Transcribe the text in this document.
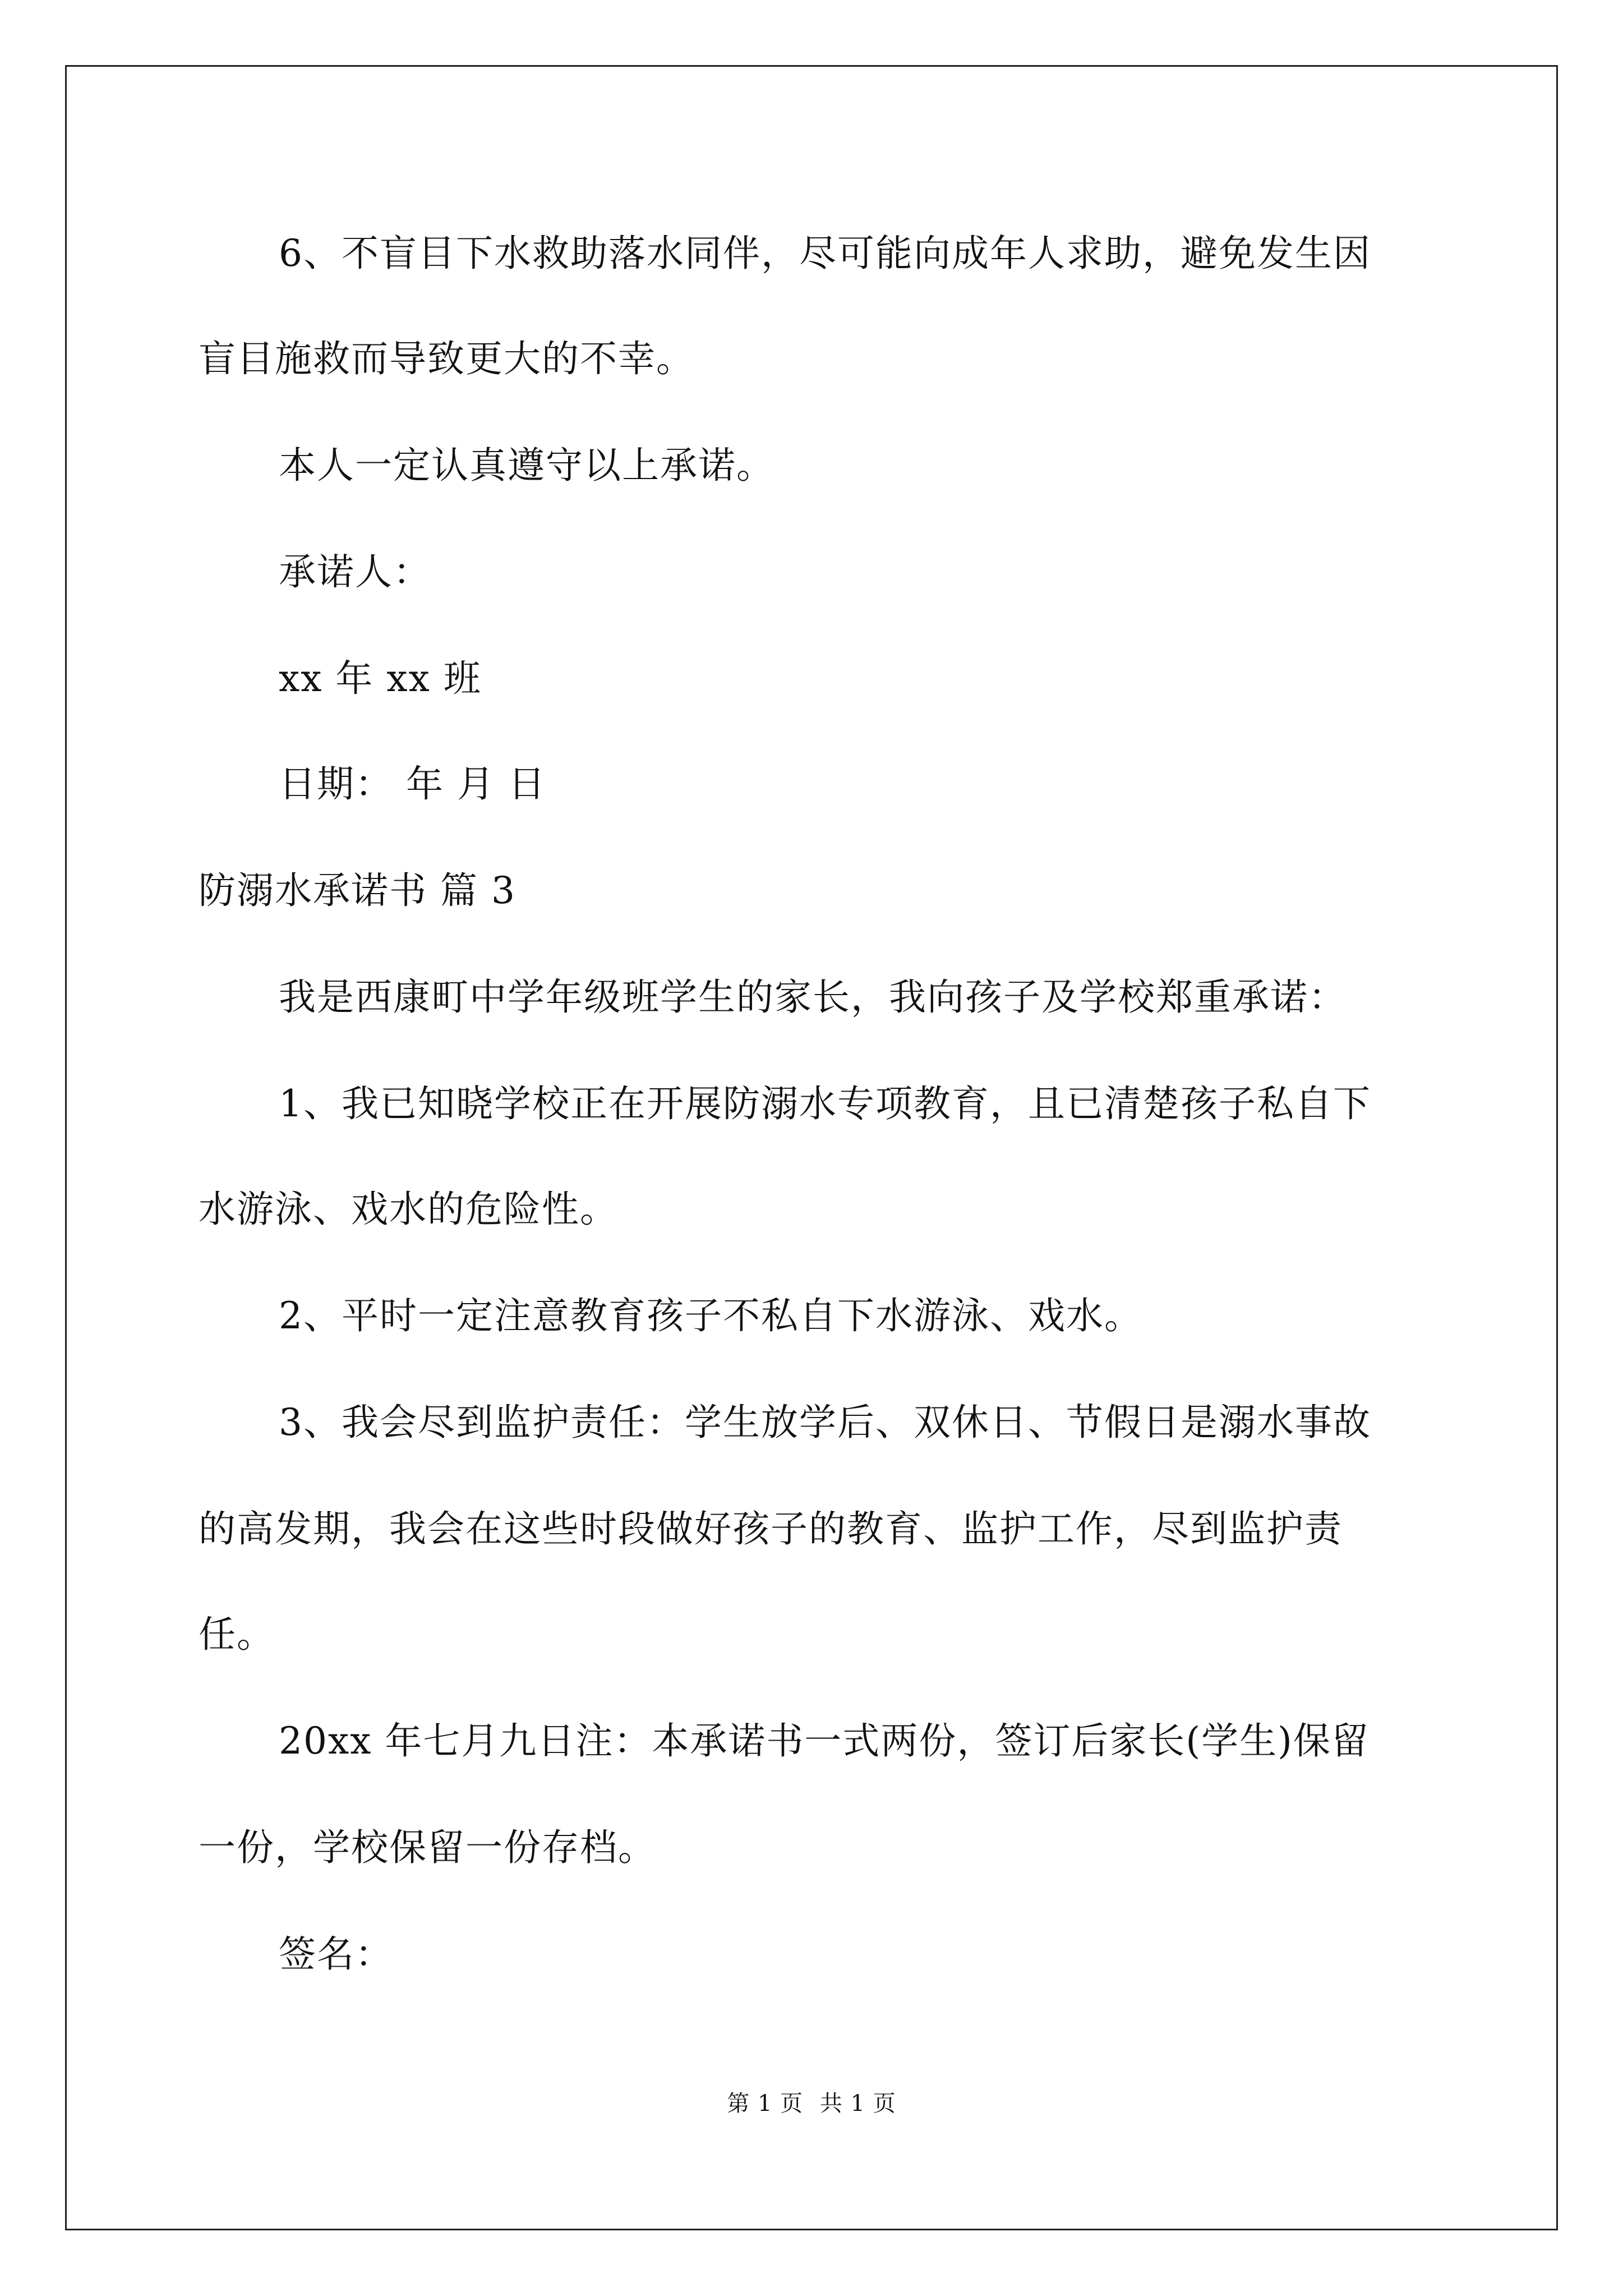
6、不盲目下水救助落水同伴，尽可能向成年人求助，避免发生因
盲目施救而导致更大的不幸。
本人一定认真遵守以上承诺。
承诺人：
xx 年 xx 班
日期： 年 月 日
防溺水承诺书 篇 3
我是西康町中学年级班学生的家长，我向孩子及学校郑重承诺：
1、我已知晓学校正在开展防溺水专项教育，且已清楚孩子私自下
水游泳、戏水的危险性。
2、平时一定注意教育孩子不私自下水游泳、戏水。
3、我会尽到监护责任：学生放学后、双休日、节假日是溺水事故
的高发期，我会在这些时段做好孩子的教育、监护工作，尽到监护责
任。
20xx 年七月九日注：本承诺书一式两份，签订后家长(学生)保留
一份，学校保留一份存档。
签名：
第 1 页 共 1 页
